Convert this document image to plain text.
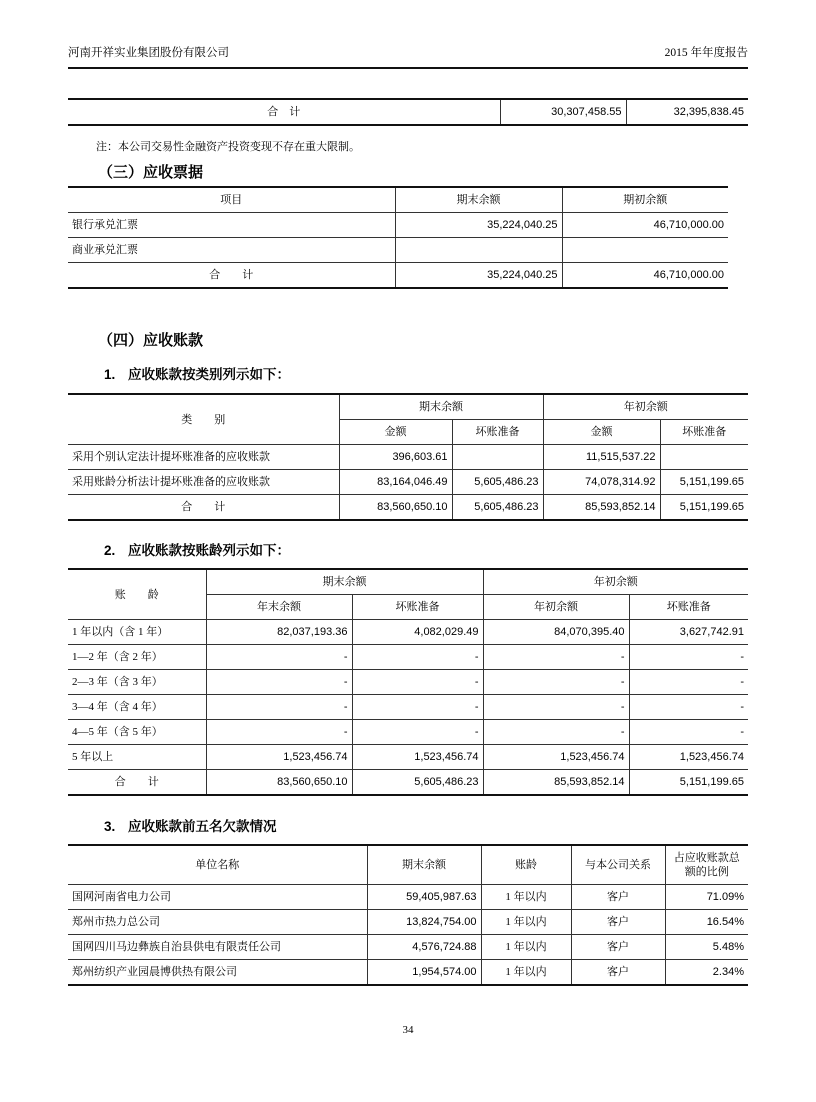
河南开祥实业集团股份有限公司	2015 年年度报告
合　计	30,307,458.55	32,395,838.45
注：本公司交易性金融资产投资变现不存在重大限制。
（三）应收票据
项目	期末余额	期初余额
银行承兑汇票	35,224,040.25	46,710,000.00
商业承兑汇票		
合　　计	35,224,040.25	46,710,000.00
（四）应收账款
1. 应收账款按类别列示如下：
类　　别	期末余额		年初余额	
	金额	坏账准备	金额	坏账准备
采用个别认定法计提坏账准备的应收账款	396,603.61		11,515,537.22	
采用账龄分析法计提坏账准备的应收账款	83,164,046.49	5,605,486.23	74,078,314.92	5,151,199.65
合　　计	83,560,650.10	5,605,486.23	85,593,852.14	5,151,199.65
2. 应收账款按账龄列示如下：
账　　龄	期末余额		年初余额	
	年末余额	坏账准备	年初余额	坏账准备
1 年以内（含 1 年）	82,037,193.36	4,082,029.49	84,070,395.40	3,627,742.91
1—2 年（含 2 年）	-	-	-	-
2—3 年（含 3 年）	-	-	-	-
3—4 年（含 4 年）	-	-	-	-
4—5 年（含 5 年）	-	-	-	-
5 年以上	1,523,456.74	1,523,456.74	1,523,456.74	1,523,456.74
合　　计	83,560,650.10	5,605,486.23	85,593,852.14	5,151,199.65
3. 应收账款前五名欠款情况
单位名称	期末余额	账龄	与本公司关系	占应收账款总额的比例
国网河南省电力公司	59,405,987.63	1 年以内	客户	71.09%
郑州市热力总公司	13,824,754.00	1 年以内	客户	16.54%
国网四川马边彝族自治县供电有限责任公司	4,576,724.88	1 年以内	客户	5.48%
郑州纺织产业园晨博供热有限公司	1,954,574.00	1 年以内	客户	2.34%
34
